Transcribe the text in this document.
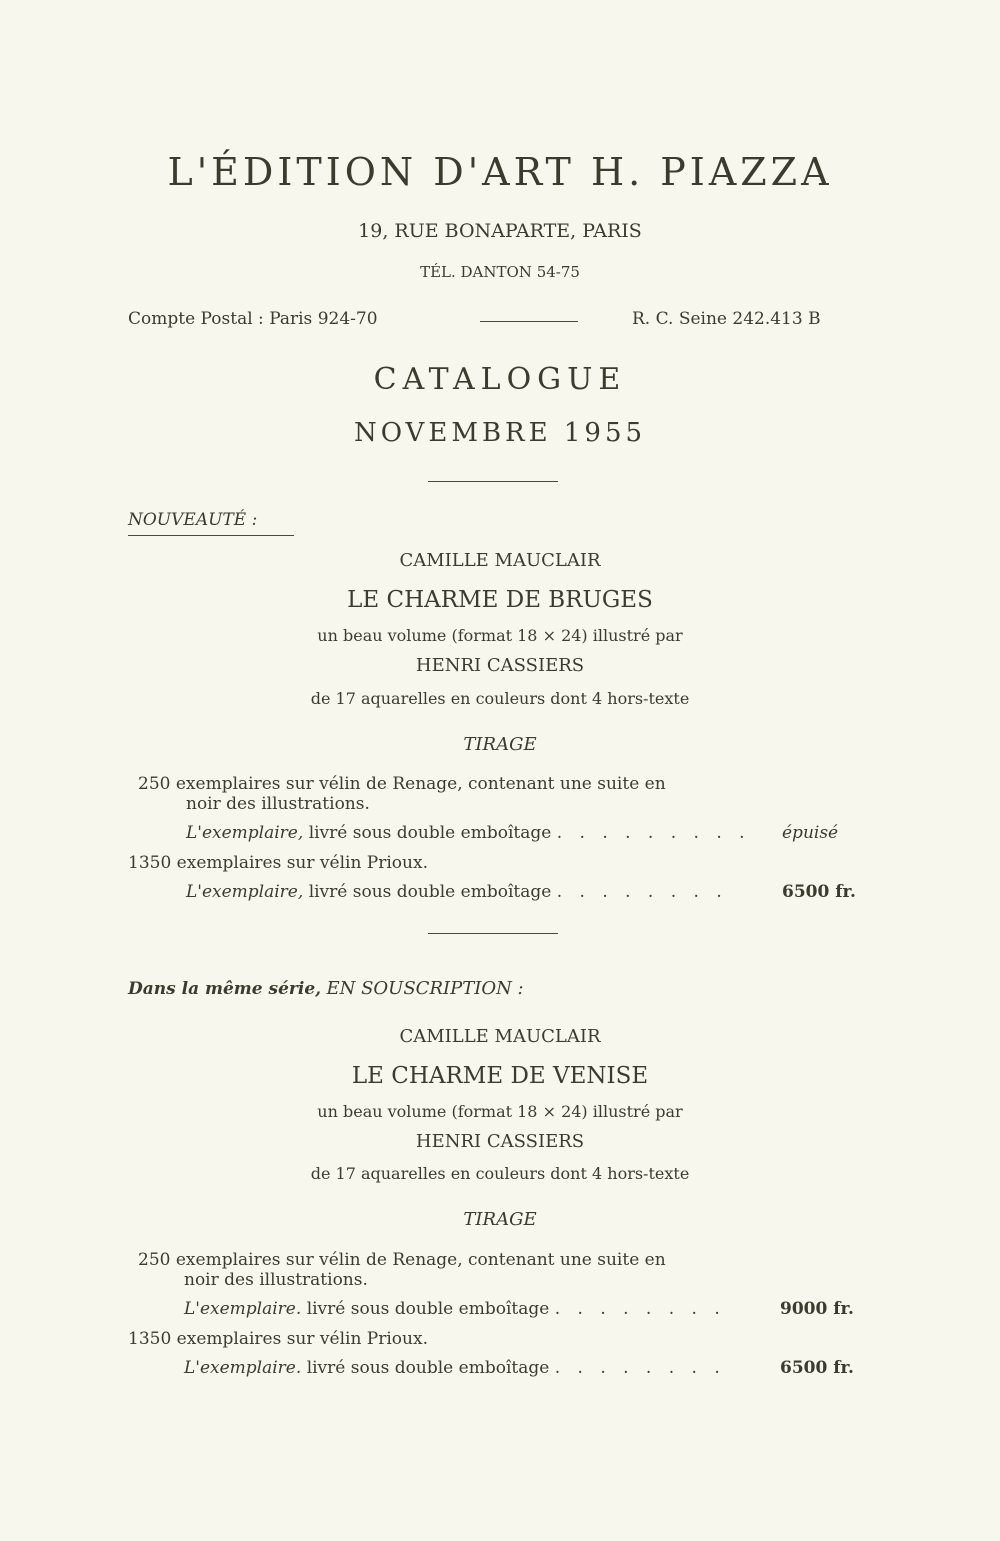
L'ÉDITION D'ART H. PIAZZA
19, RUE BONAPARTE, PARIS
TÉL. DANTON 54-75
Compte Postal : Paris 924-70	R. C. Seine 242.413 B
CATALOGUE
NOVEMBRE 1955
NOUVEAUTÉ :
CAMILLE MAUCLAIR
LE CHARME DE BRUGES
un beau volume (format 18 × 24) illustré par
HENRI CASSIERS
de 17 aquarelles en couleurs dont 4 hors-texte
TIRAGE
250 exemplaires sur vélin de Renage, contenant une suite en
noir des illustrations.
L'exemplaire, livré sous double emboîtage . . . . . . . . . épuisé
1350 exemplaires sur vélin Prioux.
L'exemplaire, livré sous double emboîtage . . . . . . . .	6500 fr.
Dans la même série, EN SOUSCRIPTION :
CAMILLE MAUCLAIR
LE CHARME DE VENISE
un beau volume (format 18 × 24) illustré par
HENRI CASSIERS
de 17 aquarelles en couleurs dont 4 hors-texte
TIRAGE
250 exemplaires sur vélin de Renage, contenant une suite en
noir des illustrations.
L'exemplaire. livré sous double emboîtage . . . . . . . .	9000 fr.
1350 exemplaires sur vélin Prioux.
L'exemplaire. livré sous double emboîtage . . . . . . . .	6500 fr.
